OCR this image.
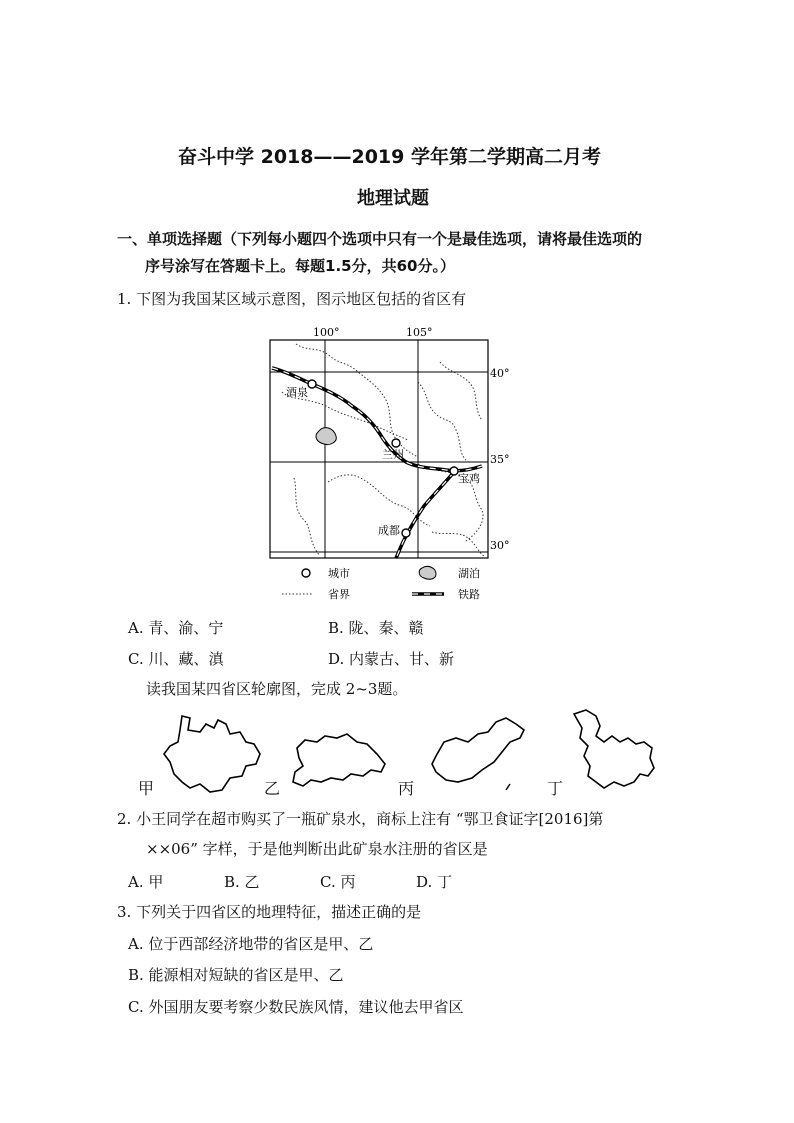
奋斗中学 2018——2019 学年第二学期高二月考
地理试题
一、单项选择题（下列每小题四个选项中只有一个是最佳选项，请将最佳选项的
序号涂写在答题卡上。每题1.5分，共60分。）
1. 下图为我国某区域示意图，图示地区包括的省区有
100°	105°
40°
35°
30°
酒泉
兰州
宝鸡
成都
城市	湖泊
省界	铁路
A. 青、渝、宁	B. 陇、秦、赣
C. 川、藏、滇	D. 内蒙古、甘、新
读我国某四省区轮廓图，完成 2~3题。
甲	乙	丙	丁
2. 小王同学在超市购买了一瓶矿泉水，商标上注有 “鄂卫食证字[2016]第
××06” 字样，于是他判断出此矿泉水注册的省区是
A. 甲	B. 乙	C. 丙	D. 丁
3. 下列关于四省区的地理特征，描述正确的是
A. 位于西部经济地带的省区是甲、乙
B. 能源相对短缺的省区是甲、乙
C. 外国朋友要考察少数民族风情，建议他去甲省区
